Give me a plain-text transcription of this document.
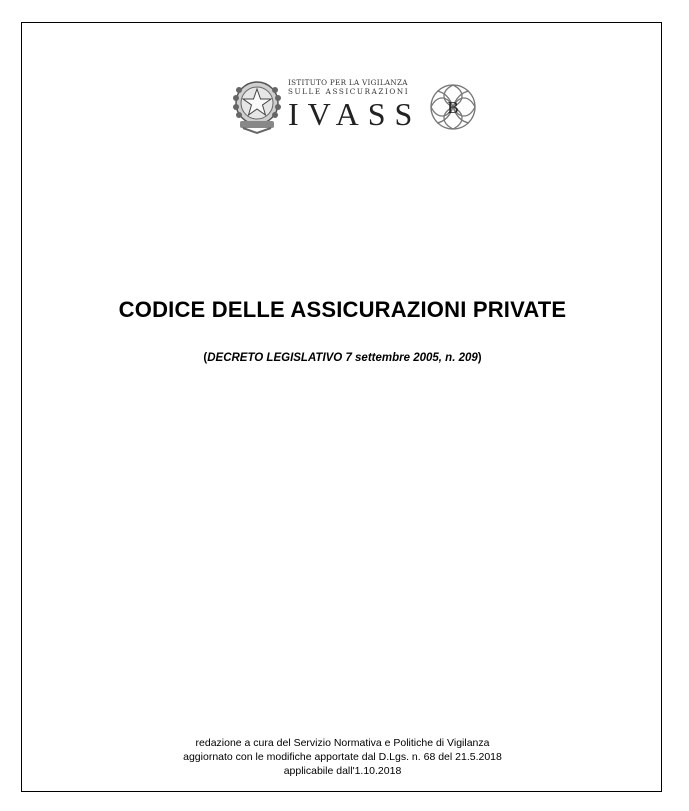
ISTITUTO PER LA VIGILANZA
SULLE ASSICURAZIONI
IVASS	B
CODICE DELLE ASSICURAZIONI PRIVATE
(DECRETO LEGISLATIVO 7 settembre 2005, n. 209)
redazione a cura del Servizio Normativa e Politiche di Vigilanza
aggiornato con le modifiche apportate dal D.Lgs. n. 68 del 21.5.2018
applicabile dall'1.10.2018
